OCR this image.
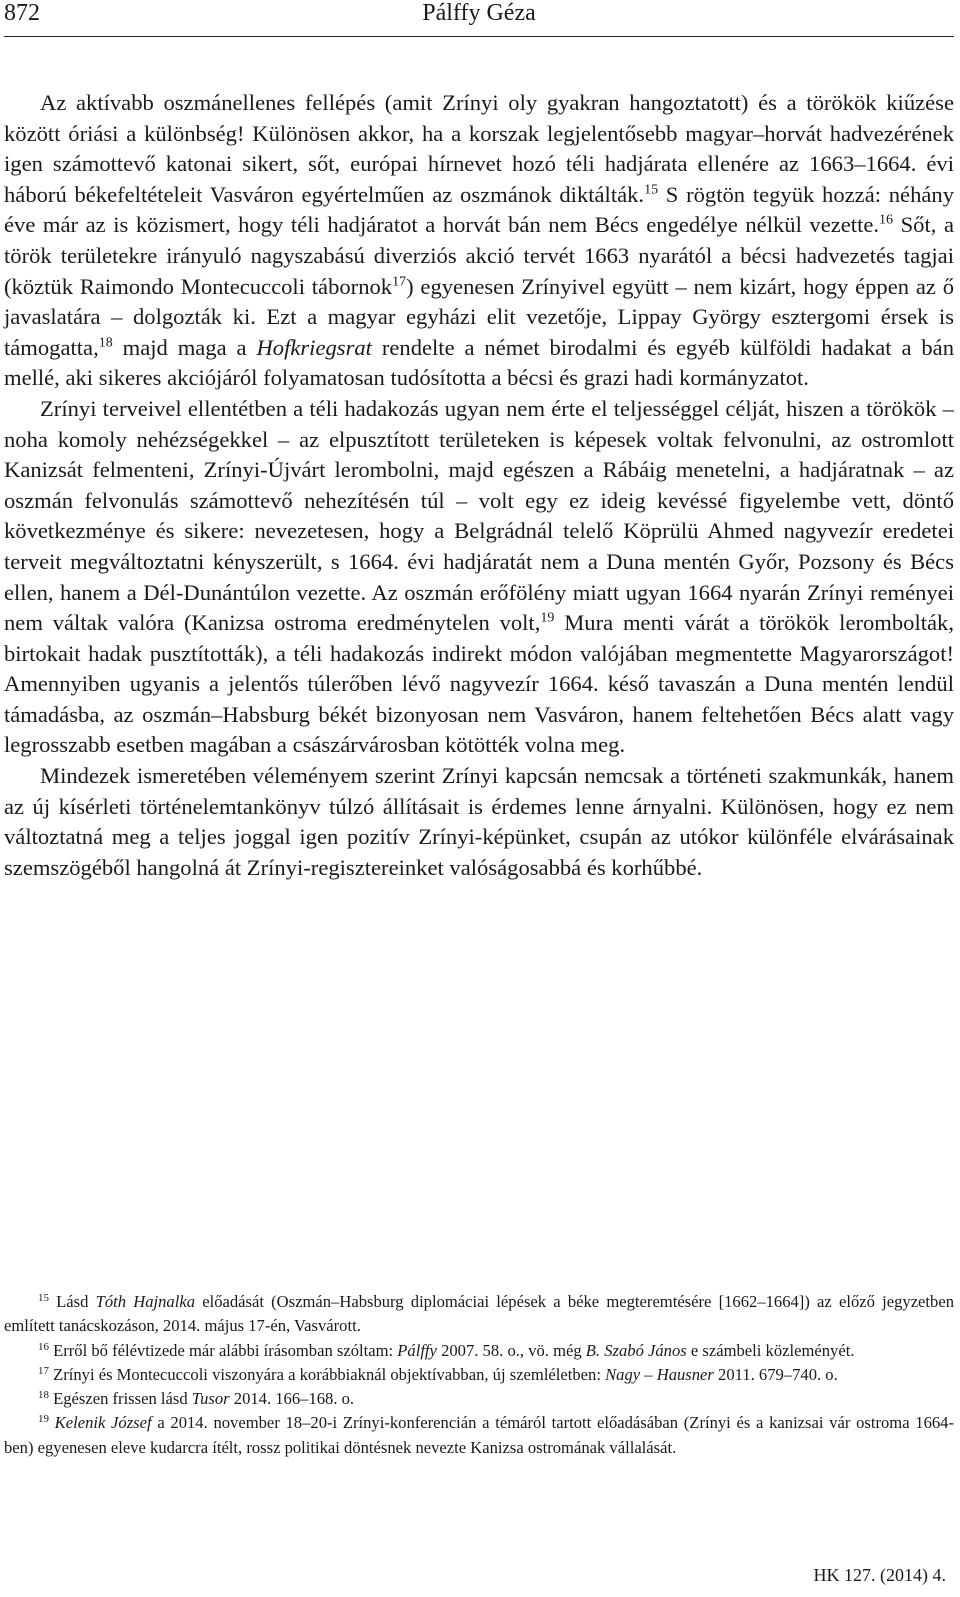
872	Pálffy Géza

Az aktívabb oszmánellenes fellépés (amit Zrínyi oly gyakran hangoztatott) és a törökök kiűzése között óriási a különbség! Különösen akkor, ha a korszak legjelentősebb magyar–horvát hadvezérének igen számottevő katonai sikert, sőt, európai hírnevet hozó téli hadjárata ellenére az 1663–1664. évi háború békefeltételeit Vasváron egyértelműen az oszmánok diktálták.$^{15}$ S rögtön tegyük hozzá: néhány éve már az is közismert, hogy téli hadjáratot a horvát bán nem Bécs engedélye nélkül vezette.$^{16}$ Sőt, a török területekre irányuló nagyszabású diverziós akció tervét 1663 nyarától a bécsi hadvezetés tagjai (köztük Raimondo Montecuccoli tábornok$^{17}$) egyenesen Zrínyivel együtt – nem kizárt, hogy éppen az ő javaslatára – dolgozták ki. Ezt a magyar egyházi elit vezetője, Lippay György esztergomi érsek is támogatta,$^{18}$ majd maga a Hofkriegsrat rendelte a német birodalmi és egyéb külföldi hadakat a bán mellé, aki sikeres akciójáról folyamatosan tudósította a bécsi és grazi hadi kormányzatot.

Zrínyi terveivel ellentétben a téli hadakozás ugyan nem érte el teljességgel célját, hiszen a törökök – noha komoly nehézségekkel – az elpusztított területeken is képesek voltak felvonulni, az ostromlott Kanizsát felmenteni, Zrínyi-Újvárt lerombolni, majd egészen a Rábáig menetelni, a hadjáratnak – az oszmán felvonulás számottevő nehezítésén túl – volt egy ez ideig kevéssé figyelembe vett, döntő következménye és sikere: nevezetesen, hogy a Belgrádnál telelő Köprülü Ahmed nagyvezír eredetei terveit megváltoztatni kényszerült, s 1664. évi hadjáratát nem a Duna mentén Győr, Pozsony és Bécs ellen, hanem a Dél-Dunántúlon vezette. Az oszmán erőfölény miatt ugyan 1664 nyarán Zrínyi reményei nem váltak valóra (Kanizsa ostroma eredménytelen volt,$^{19}$ Mura menti várát a törökök lerombolták, birtokait hadak pusztították), a téli hadakozás indirekt módon valójában megmentette Magyarországot! Amennyiben ugyanis a jelentős túlerőben lévő nagyvezír 1664. késő tavaszán a Duna mentén lendül támadásba, az oszmán–Habsburg békét bizonyosan nem Vasváron, hanem feltehetően Bécs alatt vagy legrosszabb esetben magában a császárvárosban kötötték volna meg.

Mindezek ismeretében véleményem szerint Zrínyi kapcsán nemcsak a történeti szakmunkák, hanem az új kísérleti történelemtankönyv túlzó állításait is érdemes lenne árnyalni. Különösen, hogy ez nem változtatná meg a teljes joggal igen pozitív Zrínyi-képünket, csupán az utókor különféle elvárásainak szemszögéből hangolná át Zrínyi-regisztereinket valóságosabbá és korhűbbé.

$^{15}$ Lásd Tóth Hajnalka előadását (Oszmán–Habsburg diplomáciai lépések a béke megteremtésére [1662–1664]) az előző jegyzetben említett tanácskozáson, 2014. május 17-én, Vasvárott.

$^{16}$ Erről bő félévtizede már alábbi írásomban szóltam: Pálffy 2007. 58. o., vö. még B. Szabó János e számbeli közleményét.

$^{17}$ Zrínyi és Montecuccoli viszonyára a korábbiaknál objektívabban, új szemléletben: Nagy – Hausner 2011. 679–740. o.

$^{18}$ Egészen frissen lásd Tusor 2014. 166–168. o.

$^{19}$ Kelenik József a 2014. november 18–20-i Zrínyi-konferencián a témáról tartott előadásában (Zrínyi és a kanizsai vár ostroma 1664-ben) egyenesen eleve kudarcra ítélt, rossz politikai döntésnek nevezte Kanizsa ostromának vállalását.

HK 127. (2014) 4.
